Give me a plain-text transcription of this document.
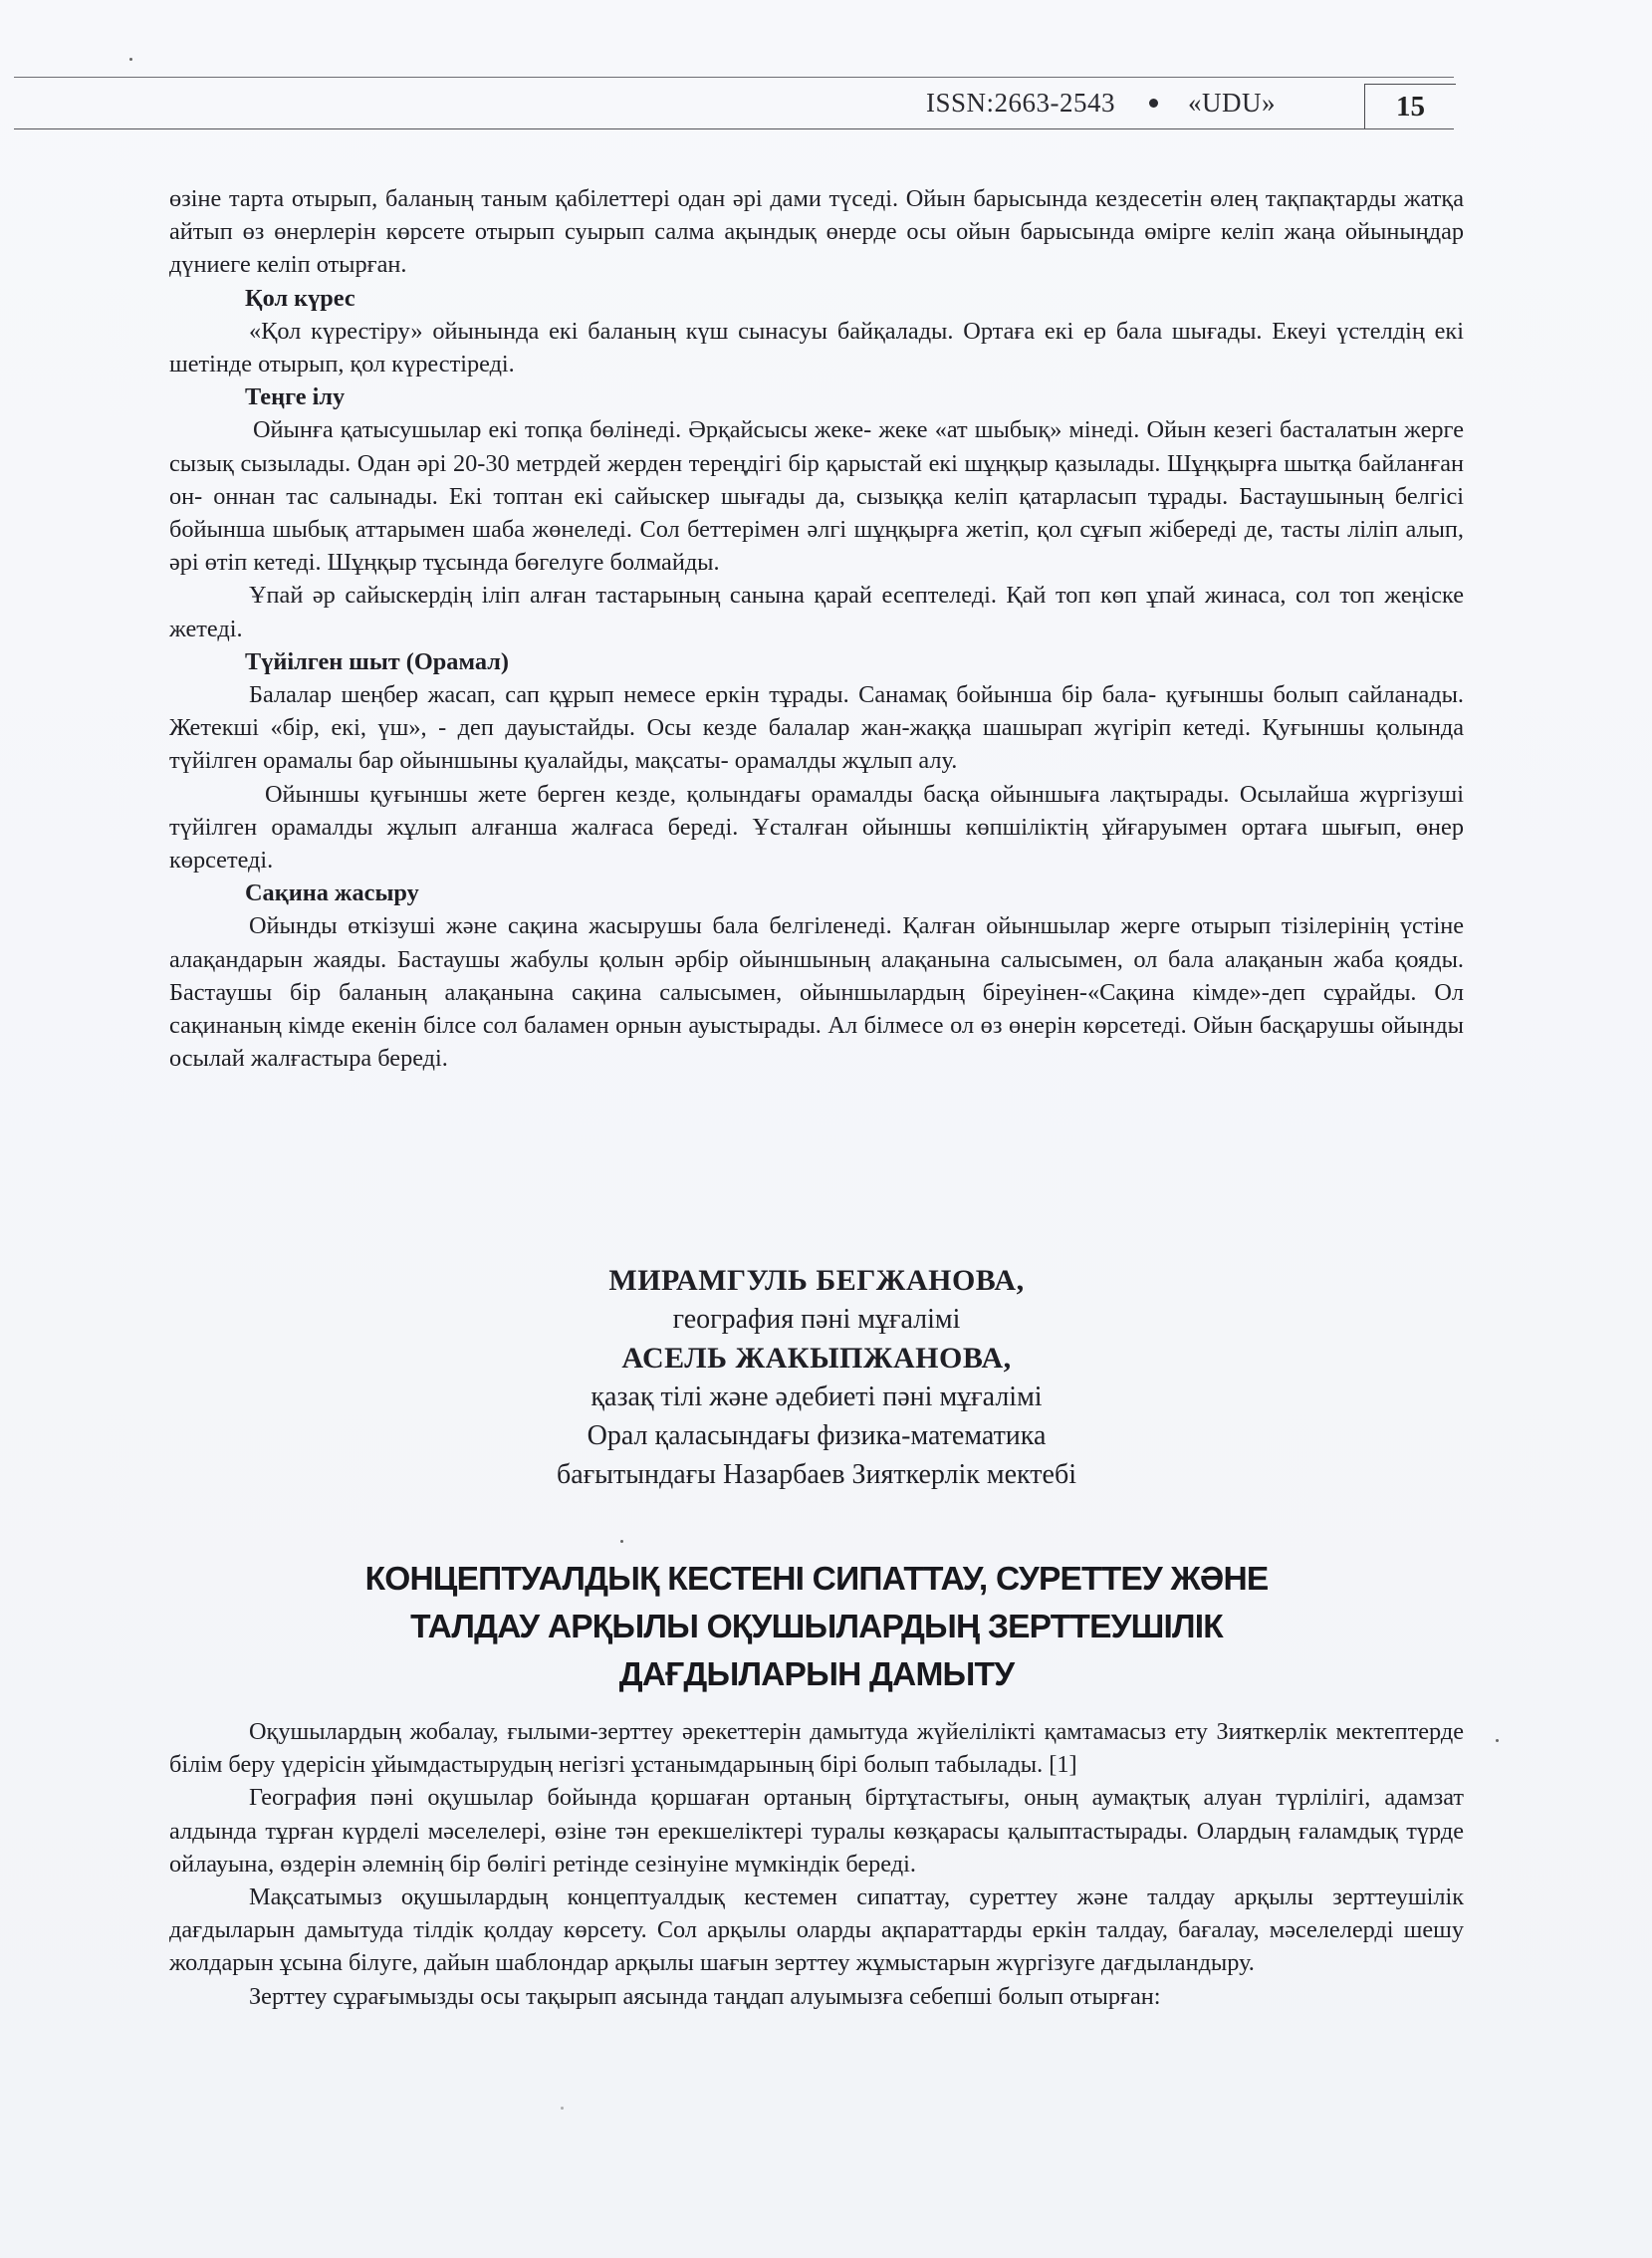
ISSN:2663-2543	«UDU»	15

өзіне тарта отырып, баланың таным қабілеттері одан әрі дами түседі. Ойын барысында кездесетін өлең тақпақтарды жатқа айтып өз өнерлерін көрсете отырып суырып салма ақындық өнерде осы ойын барысында өмірге келіп жаңа ойыныңдар дүниеге келіп отырған.

Қол күрес

«Қол күрестіру» ойынында екі баланың күш сынасуы байқалады. Ортаға екі ер бала шығады. Екеуі үстелдің екі шетінде отырып, қол күрестіреді.

Теңге ілу

Ойынға қатысушылар екі топқа бөлінеді. Әрқайсысы жеке- жеке «ат шыбық» мінеді. Ойын кезегі басталатын жерге сызық сызылады. Одан әрі 20-30 метрдей жерден тереңдігі бір қарыстай екі шұңқыр қазылады. Шұңқырға шытқа байланған он- оннан тас салынады. Екі топтан екі сайыскер шығады да, сызыққа келіп қатарласып тұрады. Бастаушының белгісі бойынша шыбық аттарымен шаба жөнеледі. Сол беттерімен әлгі шұңқырға жетіп, қол сұғып жібереді де, тасты ліліп алып, әрі өтіп кетеді. Шұңқыр тұсында бөгелуге болмайды.

Ұпай әр сайыскердің іліп алған тастарының санына қарай есептеледі. Қай топ көп ұпай жинаса, сол топ жеңіске жетеді.

Түйілген шыт (Орамал)

Балалар шеңбер жасап, сап құрып немесе еркін тұрады. Санамақ бойынша бір бала- қуғыншы болып сайланады. Жетекші «бір, екі, үш», - деп дауыстайды. Осы кезде балалар жан-жаққа шашырап жүгіріп кетеді. Қуғыншы қолында түйілген орамалы бар ойыншыны қуалайды, мақсаты- орамалды жұлып алу.

Ойыншы қуғыншы жете берген кезде, қолындағы орамалды басқа ойыншыға лақтырады. Осылайша жүргізуші түйілген орамалды жұлып алғанша жалғаса береді. Ұсталған ойыншы көпшіліктің ұйғаруымен ортаға шығып, өнер көрсетеді.

Сақина жасыру

Ойынды өткізуші және сақина жасырушы бала белгіленеді. Қалған ойыншылар жерге отырып тізілерінің үстіне алақандарын жаяды. Бастаушы жабулы қолын әрбір ойыншының алақанына салысымен, ол бала алақанын жаба қояды. Бастаушы бір баланың алақанына сақина салысымен, ойыншылардың біреуінен-«Сақина кімде»-деп сұрайды. Ол сақинаның кімде екенін білсе сол баламен орнын ауыстырады. Ал білмесе ол өз өнерін көрсетеді. Ойын басқарушы ойынды осылай жалғастыра береді.

МИРАМГУЛЬ БЕГЖАНОВА,
география пәні мұғалімі
АСЕЛЬ ЖАКЫПЖАНОВА,
қазақ тілі және әдебиеті пәні мұғалімі
Орал қаласындағы физика-математика
бағытындағы Назарбаев Зияткерлік мектебі
КОНЦЕПТУАЛДЫҚ КЕСТЕНІ СИПАТТАУ, СУРЕТТЕУ ЖӘНЕ
ТАЛДАУ АРҚЫЛЫ ОҚУШЫЛАРДЫҢ ЗЕРТТЕУШІЛІК
ДАҒДЫЛАРЫН ДАМЫТУ

Оқушылардың жобалау, ғылыми-зерттеу әрекеттерін дамытуда жүйелілікті қамтамасыз ету Зияткерлік мектептерде білім беру үдерісін ұйымдастырудың негізгі ұстанымдарының бірі болып табылады. [1]

География пәні оқушылар бойында қоршаған ортаның біртұтастығы, оның аумақтық алуан түрлілігі, адамзат алдында тұрған күрделі мәселелері, өзіне тән ерекшеліктері туралы көзқарасы қалыптастырады. Олардың ғаламдық түрде ойлауына, өздерін әлемнің бір бөлігі ретінде сезінуіне мүмкіндік береді.

Мақсатымыз оқушылардың концептуалдық кестемен сипаттау, суреттеу және талдау арқылы зерттеушілік дағдыларын дамытуда тілдік қолдау көрсету. Сол арқылы оларды ақпараттарды еркін талдау, бағалау, мәселелерді шешу жолдарын ұсына білуге, дайын шаблондар арқылы шағын зерттеу жұмыстарын жүргізуге дағдыландыру.

Зерттеу сұрағымызды осы тақырып аясында таңдап алуымызға себепші болып отырған:
